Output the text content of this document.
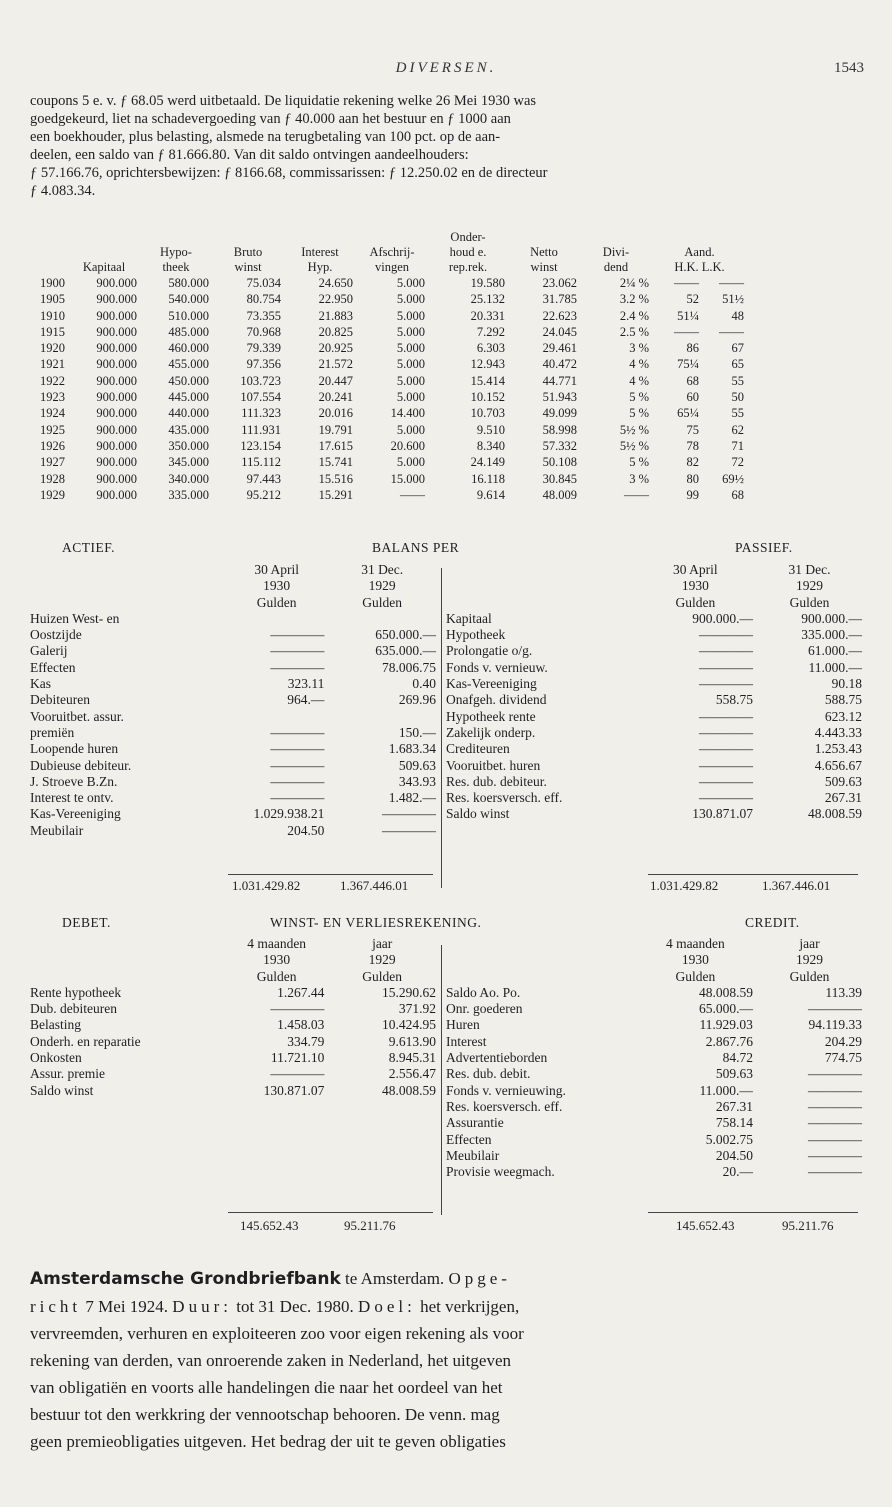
DIVERSEN.	1543
coupons 5 e. v. ƒ 68.05 werd uitbetaald. De liquidatie rekening welke 26 Mei 1930 was
goedgekeurd, liet na schadevergoeding van ƒ 40.000 aan het bestuur en ƒ 1000 aan
een boekhouder, plus belasting, alsmede na terugbetaling van 100 pct. op de aan-
deelen, een saldo van ƒ 81.666.80. Van dit saldo ontvingen aandeelhouders:
ƒ 57.166.76, oprichtersbewijzen: ƒ 8166.68, commissarissen: ƒ 12.250.02 en de directeur
ƒ 4.083.34.
						Onder-				
		Hypo-	Bruto	Interest	Afschrij-	houd e.	Netto	Divi-	Aand.	
	Kapitaal	theek	winst	Hyp.	vingen	rep.rek.	winst	dend	H.K. L.K.	
1900	900.000	580.000	75.034	24.650	5.000	19.580	23.062	2¼ %	——	——
1905	900.000	540.000	80.754	22.950	5.000	25.132	31.785	3.2 %	52	51½
1910	900.000	510.000	73.355	21.883	5.000	20.331	22.623	2.4 %	51¼	48
1915	900.000	485.000	70.968	20.825	5.000	7.292	24.045	2.5 %	——	——
1920	900.000	460.000	79.339	20.925	5.000	6.303	29.461	3 %	86	67
1921	900.000	455.000	97.356	21.572	5.000	12.943	40.472	4 %	75¼	65
1922	900.000	450.000	103.723	20.447	5.000	15.414	44.771	4 %	68	55
1923	900.000	445.000	107.554	20.241	5.000	10.152	51.943	5 %	60	50
1924	900.000	440.000	111.323	20.016	14.400	10.703	49.099	5 %	65¼	55
1925	900.000	435.000	111.931	19.791	5.000	9.510	58.998	5½ %	75	62
1926	900.000	350.000	123.154	17.615	20.600	8.340	57.332	5½ %	78	71
1927	900.000	345.000	115.112	15.741	5.000	24.149	50.108	5 %	82	72
1928	900.000	340.000	97.443	15.516	15.000	16.118	30.845	3 %	80	69½
1929	900.000	335.000	95.212	15.291	——	9.614	48.009	——	99	68
ACTIEF.	BALANS PER	PASSIEF.
	30 April	31 Dec.
	1930	1929
	Gulden	Gulden
Huizen West- en		
Oostzijde	————	650.000.—
Galerij	————	635.000.—
Effecten	————	78.006.75
Kas	323.11	0.40
Debiteuren	964.—	269.96
Vooruitbet. assur.		
premiën	————	150.—
Loopende huren	————	1.683.34
Dubieuse debiteur.	————	509.63
J. Stroeve B.Zn.	————	343.93
Interest te ontv.	————	1.482.—
Kas-Vereeniging	1.029.938.21	————
Meubilair	204.50	————
	30 April	31 Dec.
	1930	1929
	Gulden	Gulden
Kapitaal	900.000.—	900.000.—
Hypotheek	————	335.000.—
Prolongatie o/g.	————	61.000.—
Fonds v. vernieuw.	————	11.000.—
Kas-Vereeniging	————	90.18
Onafgeh. dividend	558.75	588.75
Hypotheek rente	————	623.12
Zakelijk onderp.	————	4.443.33
Crediteuren	————	1.253.43
Vooruitbet. huren	————	4.656.67
Res. dub. debiteur.	————	509.63
Res. koersversch. eff.	————	267.31
Saldo winst	130.871.07	48.008.59
1.031.429.82	1.367.446.01	1.031.429.82	1.367.446.01
DEBET.	WINST- EN VERLIESREKENING.	CREDIT.
	4 maanden	jaar
	1930	1929
	Gulden	Gulden
Rente hypotheek	1.267.44	15.290.62
Dub. debiteuren	————	371.92
Belasting	1.458.03	10.424.95
Onderh. en reparatie	334.79	9.613.90
Onkosten	11.721.10	8.945.31
Assur. premie	————	2.556.47
Saldo winst	130.871.07	48.008.59
	4 maanden	jaar
	1930	1929
	Gulden	Gulden
Saldo Ao. Po.	48.008.59	113.39
Onr. goederen	65.000.—	————
Huren	11.929.03	94.119.33
Interest	2.867.76	204.29
Advertentieborden	84.72	774.75
Res. dub. debit.	509.63	————
Fonds v. vernieuwing.	11.000.—	————
Res. koersversch. eff.	267.31	————
Assurantie	758.14	————
Effecten	5.002.75	————
Meubilair	204.50	————
Provisie weegmach.	20.—	————
145.652.43	95.211.76	145.652.43	95.211.76
Amsterdamsche Grondbriefbank te Amsterdam. Opge-
richt 7 Mei 1924. Duur: tot 31 Dec. 1980. Doel: het verkrijgen,
vervreemden, verhuren en exploiteeren zoo voor eigen rekening als voor
rekening van derden, van onroerende zaken in Nederland, het uitgeven
van obligatiën en voorts alle handelingen die naar het oordeel van het
bestuur tot den werkkring der vennootschap behooren. De venn. mag
geen premieobligaties uitgeven. Het bedrag der uit te geven obligaties
